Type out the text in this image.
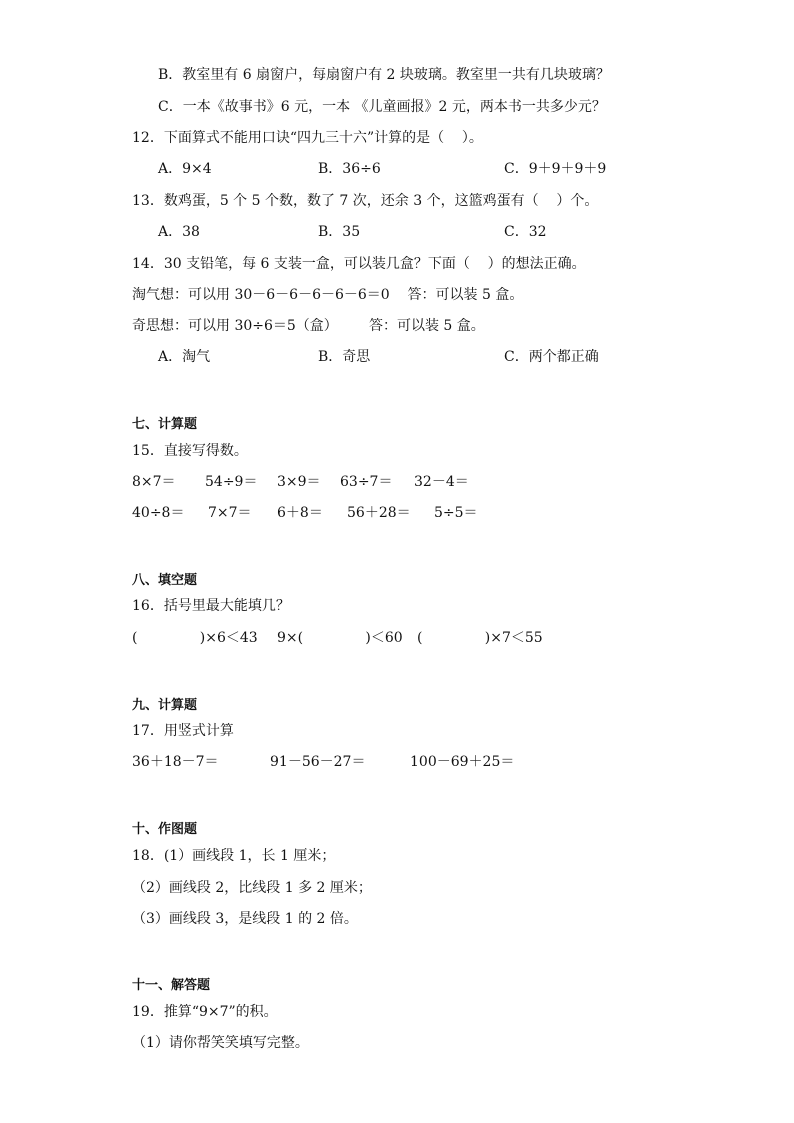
B．教室里有 6 扇窗户，每扇窗户有 2 块玻璃。教室里一共有几块玻璃？
C．一本《故事书》6 元，一本 《儿童画报》2 元，两本书一共多少元？
12．下面算式不能用口诀“四九三十六”计算的是（    ）。
A．9×4	B．36÷6	C．9＋9＋9＋9
13．数鸡蛋，5 个 5 个数，数了 7 次，还余 3 个，这篮鸡蛋有（    ）个。
A．38	B．35	C．32
14．30 支铅笔，每 6 支装一盒，可以装几盒？下面（    ）的想法正确。
淘气想：可以用 30－6－6－6－6－6＝0    答：可以装 5 盒。
奇思想：可以用 30÷6＝5（盒）       答：可以装 5 盒。
A．淘气	B．奇思	C．两个都正确
七、计算题
15．直接写得数。
8×7＝ 54÷9＝ 3×9＝ 63÷7＝ 32－4＝
40÷8＝ 7×7＝ 6＋8＝ 56＋28＝ 5÷5＝
八、填空题
16．括号里最大能填几？
(              )×6＜43 9×(              )＜60 (              )×7＜55
九、计算题
17．用竖式计算
36＋18－7＝	91－56－27＝	100－69＋25＝
十、作图题
18．(1）画线段 1，长 1 厘米；
（2）画线段 2，比线段 1 多 2 厘米；
（3）画线段 3，是线段 1 的 2 倍。
十一、解答题
19．推算“9×7”的积。
（1）请你帮笑笑填写完整。
